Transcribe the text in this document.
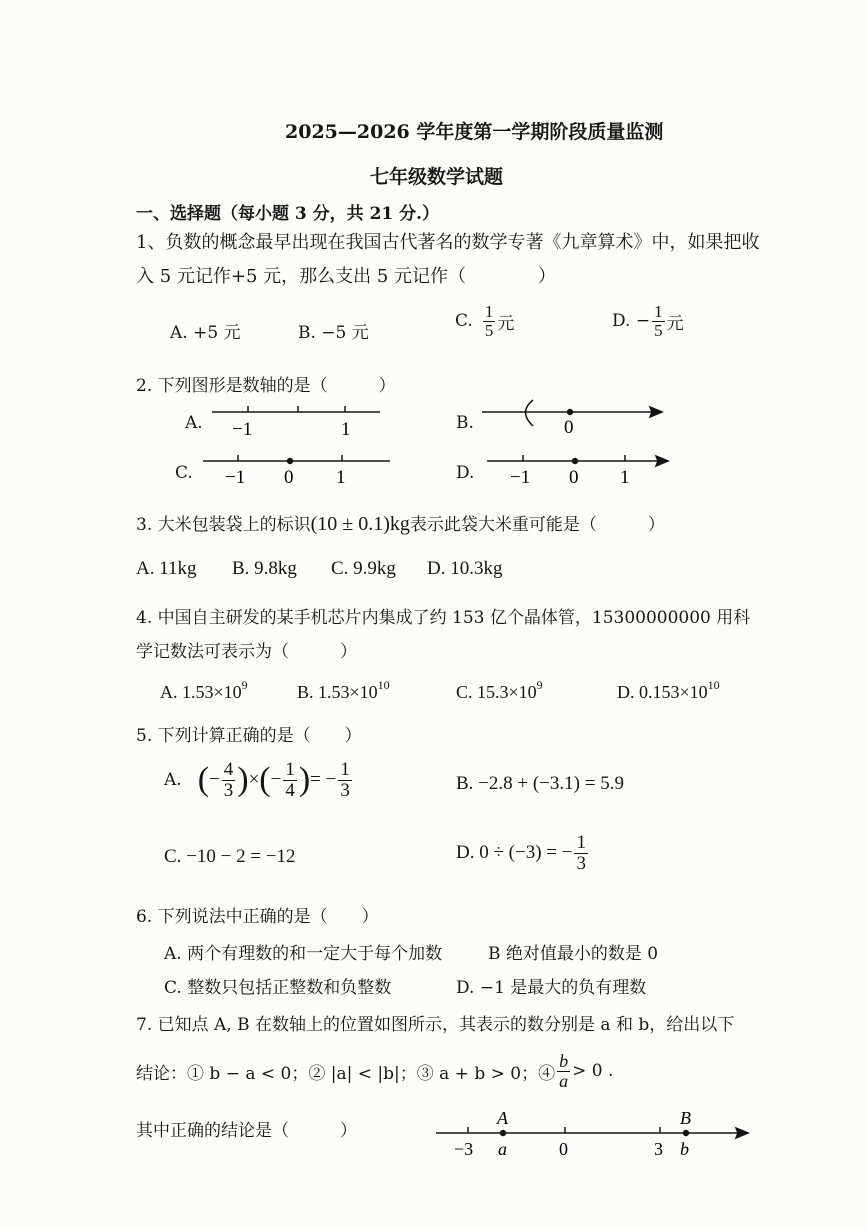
2025—2026 学年度第一学期阶段质量监测
七年级数学试题
一、选择题（每小题 3 分，共 21 分.）
1、负数的概念最早出现在我国古代著名的数学专著《九章算术》中，如果把收
入 5 元记作+5 元，那么支出 5 元记作（　　　　）
A. +5 元	B. −5 元
C. $\frac{1}{5}$ 元	D. − $\frac{1}{5}$ 元
2. 下列图形是数轴的是（　　　）
A.	B.
C.	D.
−1	1	0
−1 0 1	−1 0 1
A	B
−3	0	3
a	b
3. 大米包装袋上的标识(10 ± 0.1)kg表示此袋大米重可能是（　　　）
A. 11kg B. 9.8kg C. 9.9kg D. 10.3kg
4. 中国自主研发的某手机芯片内集成了约 153 亿个晶体管，15300000000 用科
学记数法可表示为（　　　）
A. $1.53\times 10^9$	B. $1.53\times 10^{10}$	C. $15.3\times 10^9$	D. $0.153\times 10^{10}$
5. 下列计算正确的是（　　）
A. ( − $\frac{4}{3}$ ) × ( − $\frac{1}{4}$ ) = − $\frac{1}{3}$	B. −2.8 + (−3.1) = 5.9
C. −10 − 2 = −12	D. 0 ÷ (−3) = − $\frac{1}{3}$
6. 下列说法中正确的是（　　）
A. 两个有理数的和一定大于每个加数	B 绝对值最小的数是 0
C. 整数只包括正整数和负整数	D. −1 是最大的负有理数
7. 已知点 A, B 在数轴上的位置如图所示，其表示的数分别是 a 和 b，给出以下
结论：① b − a < 0；② |a| < |b|；③ a + b > 0；④ $\frac{b}{a} > 0$ .
其中正确的结论是（　　　）
